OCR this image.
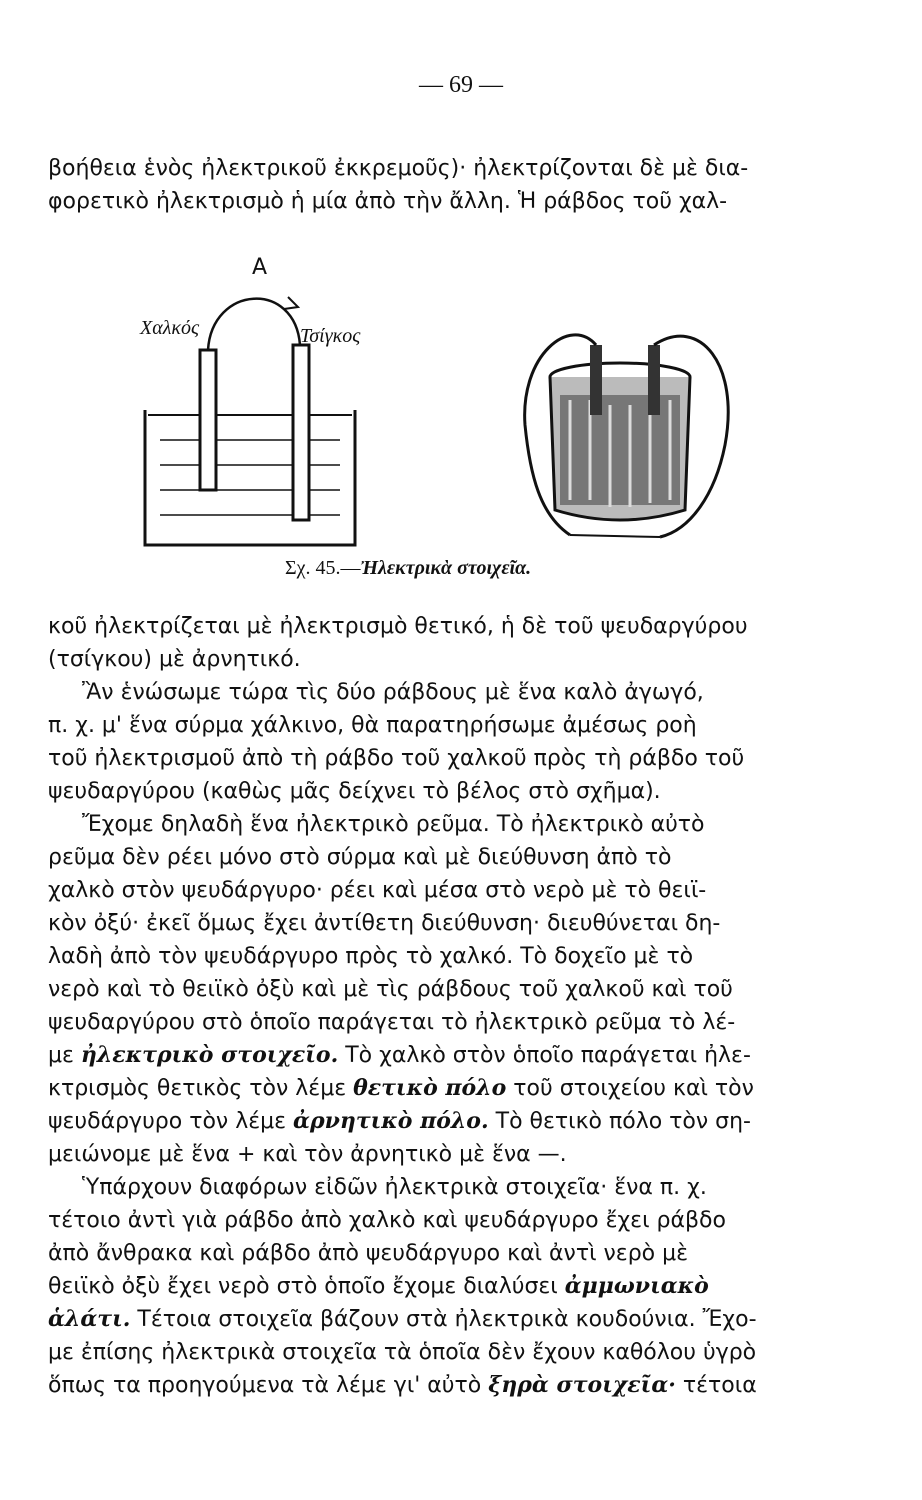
— 69 —
βοήθεια ἑνὸς ἠλεκτρικοῦ ἐκκρεμοῦς)· ἠλεκτρίζονται δὲ μὲ δια-
φορετικὸ ἠλεκτρισμὸ ἡ μία ἀπὸ τὴν ἄλλη. Ἡ ράβδος τοῦ χαλ-
A
Χαλκός	Τσίγκος
Σχ. 45.—Ἠλεκτρικὰ στοιχεῖα.
κοῦ ἠλεκτρίζεται μὲ ἠλεκτρισμὸ θετικό, ἡ δὲ τοῦ ψευδαργύρου
(τσίγκου) μὲ ἀρνητικό.
Ἂν ἑνώσωμε τώρα τὶς δύο ράβδους μὲ ἕνα καλὸ ἀγωγό,
π. χ. μ' ἕνα σύρμα χάλκινο, θὰ παρατηρήσωμε ἀμέσως ροὴ
τοῦ ἠλεκτρισμοῦ ἀπὸ τὴ ράβδο τοῦ χαλκοῦ πρὸς τὴ ράβδο τοῦ
ψευδαργύρου (καθὼς μᾶς δείχνει τὸ βέλος στὸ σχῆμα).
Ἔχομε δηλαδὴ ἕνα ἠλεκτρικὸ ρεῦμα. Τὸ ἠλεκτρικὸ αὐτὸ
ρεῦμα δὲν ρέει μόνο στὸ σύρμα καὶ μὲ διεύθυνση ἀπὸ τὸ
χαλκὸ στὸν ψευδάργυρο· ρέει καὶ μέσα στὸ νερὸ μὲ τὸ θειϊ-
κὸν ὀξύ· ἐκεῖ ὅμως ἔχει ἀντίθετη διεύθυνση· διευθύνεται δη-
λαδὴ ἀπὸ τὸν ψευδάργυρο πρὸς τὸ χαλκό. Τὸ δοχεῖο μὲ τὸ
νερὸ καὶ τὸ θειϊκὸ ὀξὺ καὶ μὲ τὶς ράβδους τοῦ χαλκοῦ καὶ τοῦ
ψευδαργύρου στὸ ὁποῖο παράγεται τὸ ἠλεκτρικὸ ρεῦμα τὸ λέ-
με ἠλεκτρικὸ στοιχεῖο. Τὸ χαλκὸ στὸν ὁποῖο παράγεται ἠλε-
κτρισμὸς θετικὸς τὸν λέμε θετικὸ πόλο τοῦ στοιχείου καὶ τὸν
ψευδάργυρο τὸν λέμε ἀρνητικὸ πόλο. Τὸ θετικὸ πόλο τὸν ση-
μειώνομε μὲ ἕνα + καὶ τὸν ἀρνητικὸ μὲ ἕνα —.
Ὑπάρχουν διαφόρων εἰδῶν ἠλεκτρικὰ στοιχεῖα· ἕνα π. χ.
τέτοιο ἀντὶ γιὰ ράβδο ἀπὸ χαλκὸ καὶ ψευδάργυρο ἔχει ράβδο
ἀπὸ ἄνθρακα καὶ ράβδο ἀπὸ ψευδάργυρο καὶ ἀντὶ νερὸ μὲ
θειϊκὸ ὀξὺ ἔχει νερὸ στὸ ὁποῖο ἔχομε διαλύσει ἀμμωνιακὸ
ἁλάτι. Τέτοια στοιχεῖα βάζουν στὰ ἠλεκτρικὰ κουδούνια. Ἔχο-
με ἐπίσης ἠλεκτρικὰ στοιχεῖα τὰ ὁποῖα δὲν ἔχουν καθόλου ὑγρὸ
ὅπως τα προηγούμενα τὰ λέμε γι' αὐτὸ ξηρὰ στοιχεῖα· τέτοια
